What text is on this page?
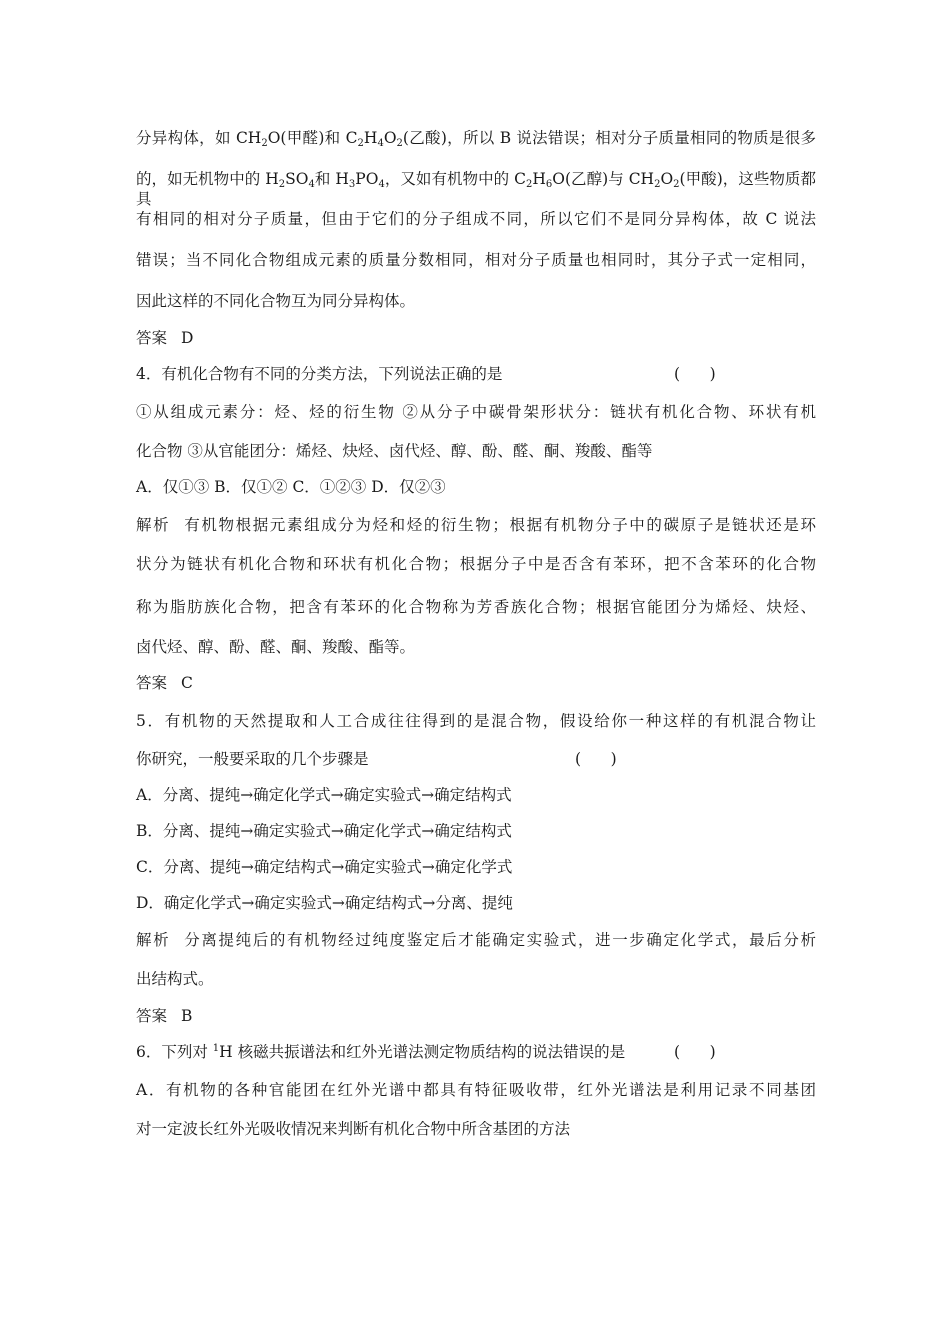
分异构体，如 $CH_2O$(甲醛)和 $C_2H_4O_2$(乙酸)，所以 B 说法错误；相对分子质量相同的物质是很多
的，如无机物中的 $H_2SO_4$和 $H_3PO_4$，又如有机物中的 $C_2H_6O$(乙醇)与 $CH_2O_2$(甲酸)，这些物质都具
有相同的相对分子质量，但由于它们的分子组成不同，所以它们不是同分异构体，故 C 说法
错误；当不同化合物组成元素的质量分数相同，相对分子质量也相同时，其分子式一定相同，
因此这样的不同化合物互为同分异构体。
答案 D
4．有机化合物有不同的分类方法，下列说法正确的是	(      )
①从组成元素分：烃、烃的衍生物 ②从分子中碳骨架形状分：链状有机化合物、环状有机
化合物 ③从官能团分：烯烃、炔烃、卤代烃、醇、酚、醛、酮、羧酸、酯等
A．仅①③ B．仅①② C．①②③ D．仅②③
解析 有机物根据元素组成分为烃和烃的衍生物；根据有机物分子中的碳原子是链状还是环
状分为链状有机化合物和环状有机化合物；根据分子中是否含有苯环，把不含苯环的化合物
称为脂肪族化合物，把含有苯环的化合物称为芳香族化合物；根据官能团分为烯烃、炔烃、
卤代烃、醇、酚、醛、酮、羧酸、酯等。
答案 C
5．有机物的天然提取和人工合成往往得到的是混合物，假设给你一种这样的有机混合物让
你研究，一般要采取的几个步骤是	(      )
A．分离、提纯→确定化学式→确定实验式→确定结构式
B．分离、提纯→确定实验式→确定化学式→确定结构式
C．分离、提纯→确定结构式→确定实验式→确定化学式
D．确定化学式→确定实验式→确定结构式→分离、提纯
解析 分离提纯后的有机物经过纯度鉴定后才能确定实验式，进一步确定化学式，最后分析
出结构式。
答案 B
6．下列对 $^1$H 核磁共振谱法和红外光谱法测定物质结构的说法错误的是	(      )
A．有机物的各种官能团在红外光谱中都具有特征吸收带，红外光谱法是利用记录不同基团
对一定波长红外光吸收情况来判断有机化合物中所含基团的方法
